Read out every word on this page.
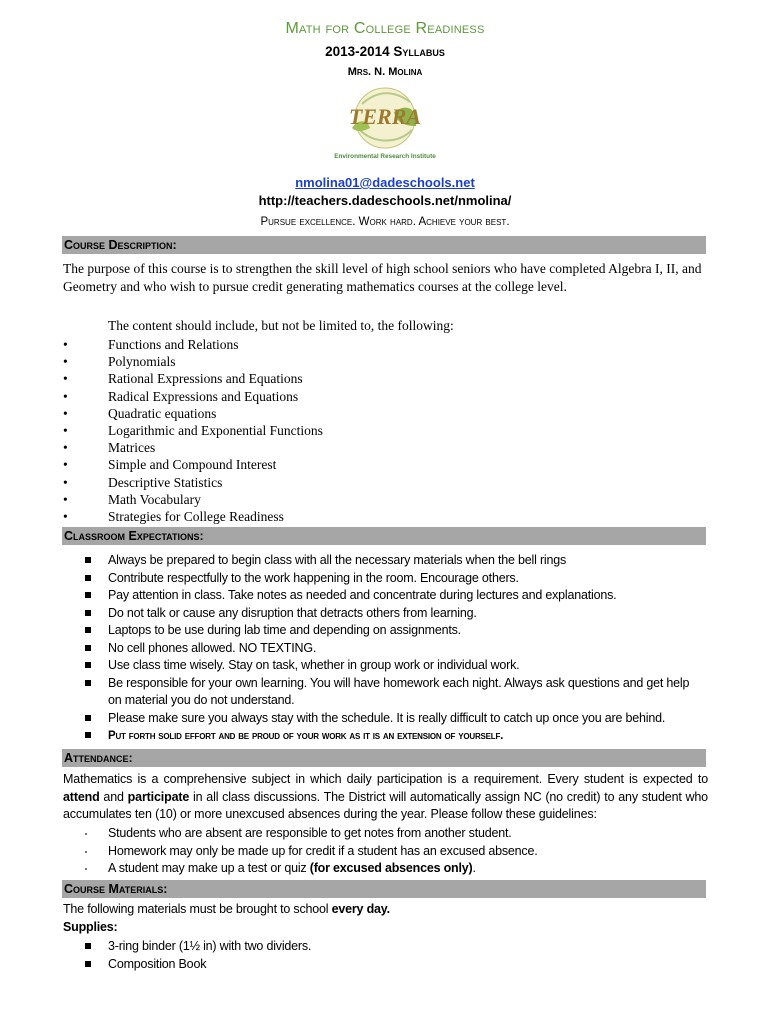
Math for College Readiness
2013-2014 Syllabus
Mrs. N. Molina
TERRA
Environmental Research Institute
nmolina01@dadeschools.net
http://teachers.dadeschools.net/nmolina/
Pursue excellence. Work hard. Achieve your best.
Course Description:
The purpose of this course is to strengthen the skill level of high school seniors who have completed Algebra I, II, and Geometry and who wish to pursue credit generating mathematics courses at the college level.
The content should include, but not be limited to, the following:
•	Functions and Relations
•	Polynomials
•	Rational Expressions and Equations
•	Radical Expressions and Equations
•	Quadratic equations
•	Logarithmic and Exponential Functions
•	Matrices
•	Simple and Compound Interest
•	Descriptive Statistics
•	Math Vocabulary
•	Strategies for College Readiness
Classroom Expectations:
Always be prepared to begin class with all the necessary materials when the bell rings
Contribute respectfully to the work happening in the room. Encourage others.
Pay attention in class. Take notes as needed and concentrate during lectures and explanations.
Do not talk or cause any disruption that detracts others from learning.
Laptops to be use during lab time and depending on assignments.
No cell phones allowed. NO TEXTING.
Use class time wisely. Stay on task, whether in group work or individual work.
Be responsible for your own learning. You will have homework each night. Always ask questions and get help on material you do not understand.
Please make sure you always stay with the schedule. It is really difficult to catch up once you are behind.
Put forth solid effort and be proud of your work as it is an extension of yourself.
Attendance:
Mathematics is a comprehensive subject in which daily participation is a requirement. Every student is expected to attend and participate in all class discussions. The District will automatically assign NC (no credit) to any student who accumulates ten (10) or more unexcused absences during the year. Please follow these guidelines:
Students who are absent are responsible to get notes from another student.
Homework may only be made up for credit if a student has an excused absence.
A student may make up a test or quiz (for excused absences only).
Course Materials:
The following materials must be brought to school every day.
Supplies:
3-ring binder (1½ in) with two dividers.
Composition Book
